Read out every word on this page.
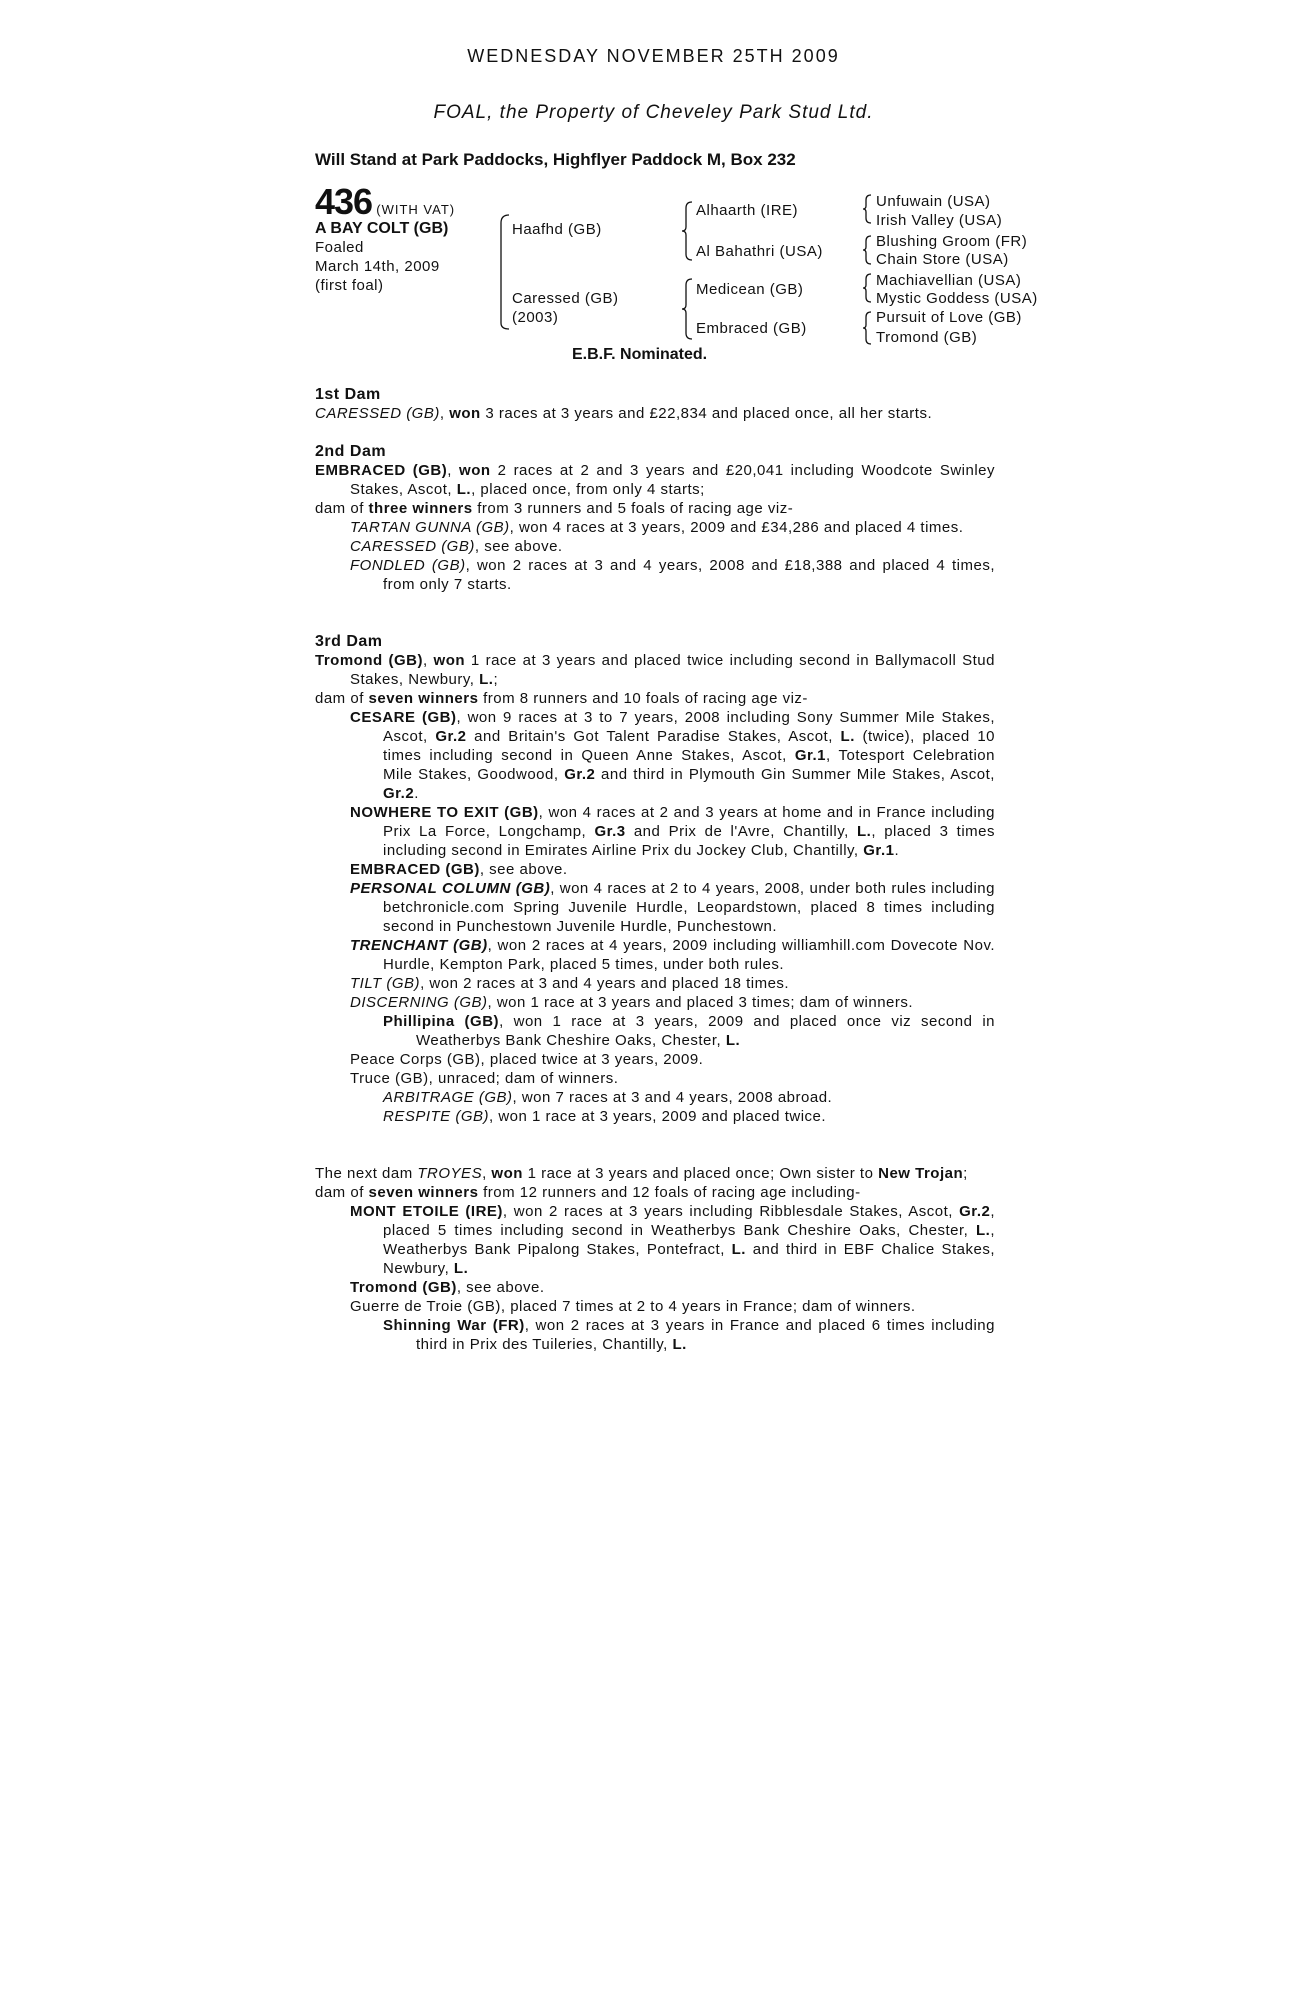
WEDNESDAY NOVEMBER 25TH 2009
FOAL, the Property of Cheveley Park Stud Ltd.
Will Stand at Park Paddocks, Highflyer Paddock M, Box 232
436 (WITH VAT)
A BAY COLT (GB)
Foaled
March 14th, 2009
(first foal)
Haafhd (GB)
Caressed (GB)
(2003)
Alhaarth (IRE)
Al Bahathri (USA)
Medicean (GB)
Embraced (GB)
Unfuwain (USA)
Irish Valley (USA)
Blushing Groom (FR)
Chain Store (USA)
Machiavellian (USA)
Mystic Goddess (USA)
Pursuit of Love (GB)
Tromond (GB)
E.B.F. Nominated.
1st Dam

CARESSED (GB), won 3 races at 3 years and £22,834 and placed once, all her starts.

2nd Dam

EMBRACED (GB), won 2 races at 2 and 3 years and £20,041 including Woodcote Swinley Stakes, Ascot, L., placed once, from only 4 starts;

dam of three winners from 3 runners and 5 foals of racing age viz-

TARTAN GUNNA (GB), won 4 races at 3 years, 2009 and £34,286 and placed 4 times.

CARESSED (GB), see above.

FONDLED (GB), won 2 races at 3 and 4 years, 2008 and £18,388 and placed 4 times, from only 7 starts.

3rd Dam

Tromond (GB), won 1 race at 3 years and placed twice including second in Ballymacoll Stud Stakes, Newbury, L.;

dam of seven winners from 8 runners and 10 foals of racing age viz-

CESARE (GB), won 9 races at 3 to 7 years, 2008 including Sony Summer Mile Stakes, Ascot, Gr.2 and Britain's Got Talent Paradise Stakes, Ascot, L. (twice), placed 10 times including second in Queen Anne Stakes, Ascot, Gr.1, Totesport Celebration Mile Stakes, Goodwood, Gr.2 and third in Plymouth Gin Summer Mile Stakes, Ascot, Gr.2.

NOWHERE TO EXIT (GB), won 4 races at 2 and 3 years at home and in France including Prix La Force, Longchamp, Gr.3 and Prix de l'Avre, Chantilly, L., placed 3 times including second in Emirates Airline Prix du Jockey Club, Chantilly, Gr.1.

EMBRACED (GB), see above.

PERSONAL COLUMN (GB), won 4 races at 2 to 4 years, 2008, under both rules including betchronicle.com Spring Juvenile Hurdle, Leopardstown, placed 8 times including second in Punchestown Juvenile Hurdle, Punchestown.

TRENCHANT (GB), won 2 races at 4 years, 2009 including williamhill.com Dovecote Nov. Hurdle, Kempton Park, placed 5 times, under both rules.

TILT (GB), won 2 races at 3 and 4 years and placed 18 times.

DISCERNING (GB), won 1 race at 3 years and placed 3 times; dam of winners.

Phillipina (GB), won 1 race at 3 years, 2009 and placed once viz second in Weatherbys Bank Cheshire Oaks, Chester, L.

Peace Corps (GB), placed twice at 3 years, 2009.

Truce (GB), unraced; dam of winners.

ARBITRAGE (GB), won 7 races at 3 and 4 years, 2008 abroad.

RESPITE (GB), won 1 race at 3 years, 2009 and placed twice.

The next dam TROYES, won 1 race at 3 years and placed once; Own sister to New Trojan;

dam of seven winners from 12 runners and 12 foals of racing age including-

MONT ETOILE (IRE), won 2 races at 3 years including Ribblesdale Stakes, Ascot, Gr.2, placed 5 times including second in Weatherbys Bank Cheshire Oaks, Chester, L., Weatherbys Bank Pipalong Stakes, Pontefract, L. and third in EBF Chalice Stakes, Newbury, L.

Tromond (GB), see above.

Guerre de Troie (GB), placed 7 times at 2 to 4 years in France; dam of winners.

Shinning War (FR), won 2 races at 3 years in France and placed 6 times including third in Prix des Tuileries, Chantilly, L.
